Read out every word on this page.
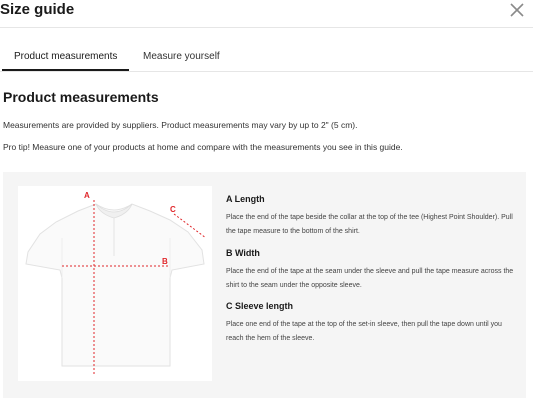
Size guide
Product measurements	Measure yourself
Product measurements
Measurements are provided by suppliers. Product measurements may vary by up to 2" (5 cm).
Pro tip! Measure one of your products at home and compare with the measurements you see in this guide.
A
B
C
A Length
Place the end of the tape beside the collar at the top of the tee (Highest Point Shoulder). Pull the tape measure to the bottom of the shirt.
B Width
Place the end of the tape at the seam under the sleeve and pull the tape measure across the shirt to the seam under the opposite sleeve.
C Sleeve length
Place one end of the tape at the top of the set-in sleeve, then pull the tape down until you reach the hem of the sleeve.
